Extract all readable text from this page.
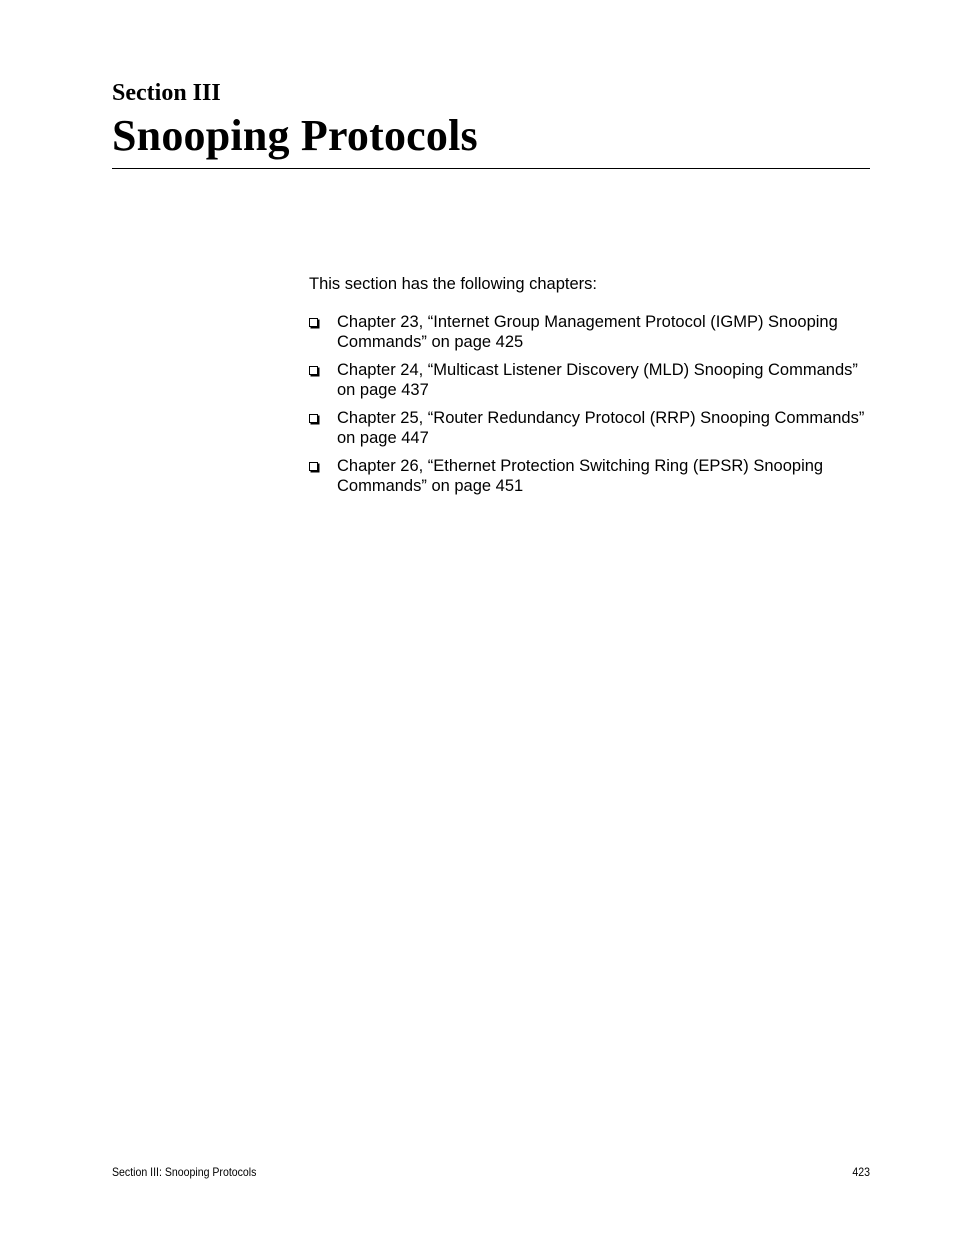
Section III
Snooping Protocols

This section has the following chapters:

Chapter 23, “Internet Group Management Protocol (IGMP) Snooping Commands” on page 425
Chapter 24, “Multicast Listener Discovery (MLD) Snooping Commands” on page 437
Chapter 25, “Router Redundancy Protocol (RRP) Snooping Commands” on page 447
Chapter 26, “Ethernet Protection Switching Ring (EPSR) Snooping Commands” on page 451
Section III: Snooping Protocols	423
